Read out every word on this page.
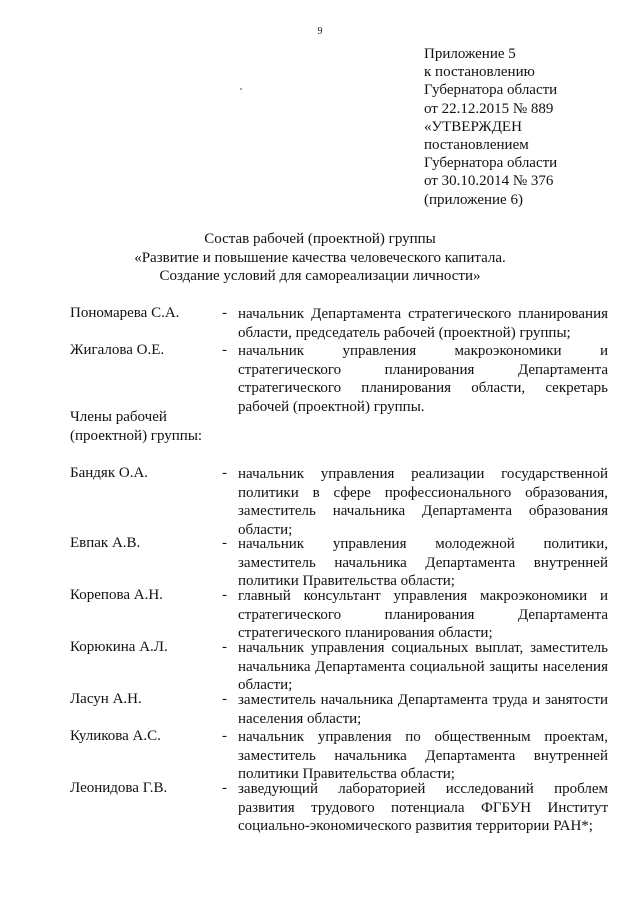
9
Приложение 5
к постановлению
Губернатора области
от 22.12.2015 № 889
«УТВЕРЖДЕН
постановлением
Губернатора области
от 30.10.2014 № 376
(приложение 6)
Состав рабочей (проектной) группы
«Развитие и повышение качества человеческого капитала.
Создание условий для самореализации личности»
Пономарева С.А.	- начальник Департамента стратегического планирования области, председатель рабочей (проектной) группы;
Жигалова О.Е.	- начальник управления макроэкономики и стратегического планирования Департамента стратегического планирования области, секретарь рабочей (проектной) группы.
Члены рабочей
(проектной) группы:
Бандяк О.А.	- начальник управления реализации государственной политики в сфере профессионального образования, заместитель начальника Департамента образования области;
Евпак А.В.	- начальник управления молодежной политики, заместитель начальника Департамента внутренней политики Правительства области;
Корепова А.Н.	- главный консультант управления макроэкономики и стратегического планирования Департамента стратегического планирования области;
Корюкина А.Л.	- начальник управления социальных выплат, заместитель начальника Департамента социальной защиты населения области;
Ласун А.Н.	- заместитель начальника Департамента труда и занятости населения области;
Куликова А.С.	- начальник управления по общественным проектам, заместитель начальника Департамента внутренней политики Правительства области;
Леонидова Г.В.	- заведующий лабораторией исследований проблем развития трудового потенциала ФГБУН Институт социально-экономического развития территории РАН*;
